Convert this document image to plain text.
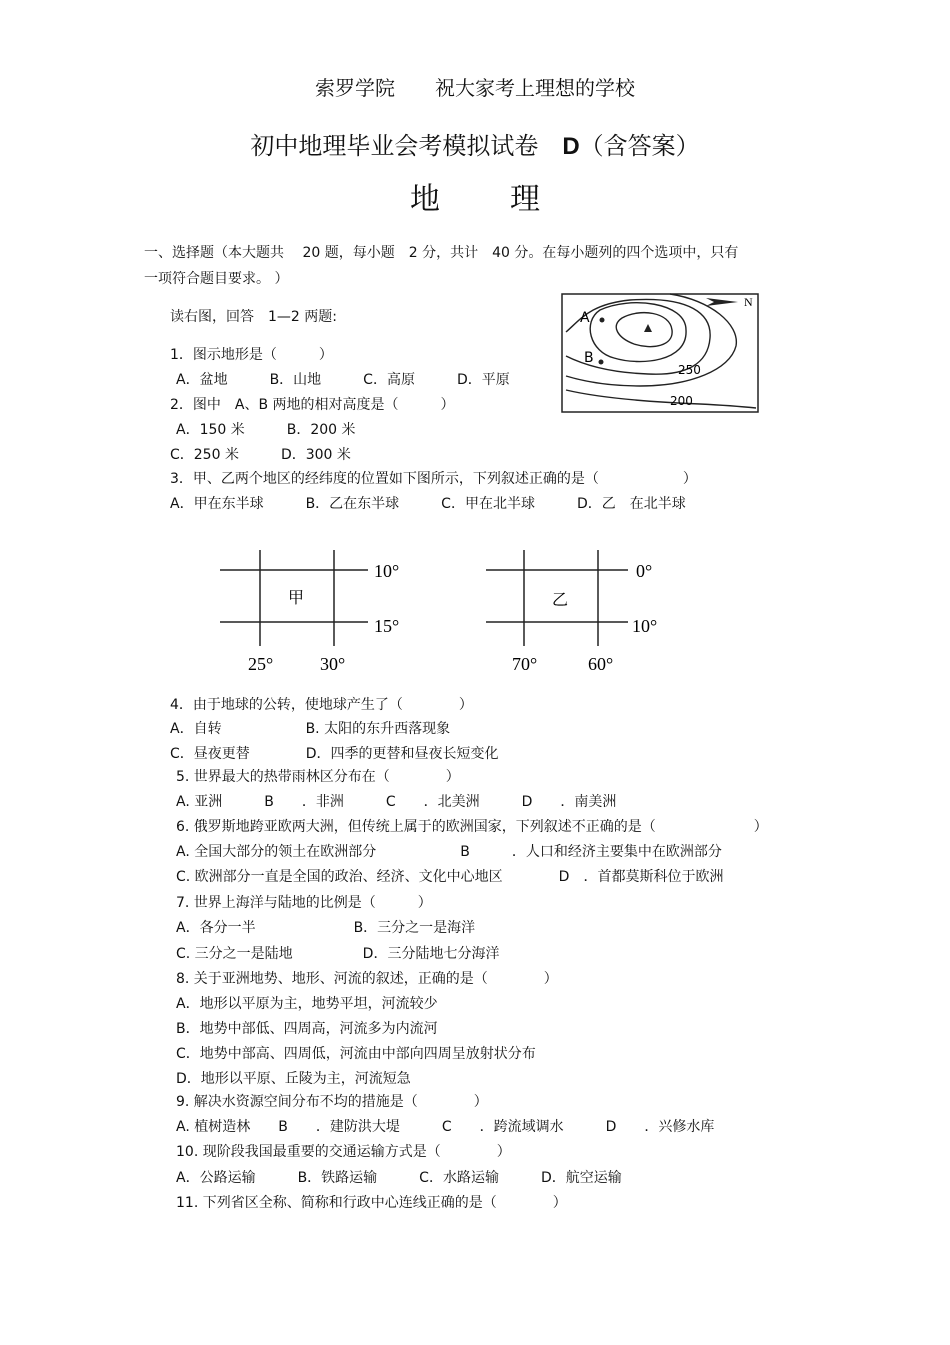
索罗学院　　祝大家考上理想的学校
初中地理毕业会考模拟试卷　 D（含答案）
地理
一、选择题（本大题共　 20 题，每小题　2 分，共计　40 分。在每小题列的四个选项中，只有
一项符合题目要求。 ）
读右图，回答　1—2 两题:	A
B
250
200
N
1．图示地形是（　　　）
A．盆地　　　B．山地　　　C．高原　　　D．平原
2．图中　A、B 两地的相对高度是（　　　）
A．150 米　　　B．200 米
C．250 米　　　D．300 米
3．甲、乙两个地区的经纬度的位置如下图所示，下列叙述正确的是（　　　　　　）
A．甲在东半球　　　B．乙在东半球　　　C．甲在北半球　　　D．乙　在北半球
甲
10°
15°
25°	30°
乙
0°
10°
70°	60°
4．由于地球的公转，使地球产生了（　　　　）
A．自转　　　　　　B. 太阳的东升西落现象
C．昼夜更替　　　　D．四季的更替和昼夜长短变化
5. 世界最大的热带雨林区分布在（　　　　）
A. 亚洲　　　B　　．非洲　　　C　　．北美洲　　　D　　．南美洲
6. 俄罗斯地跨亚欧两大洲，但传统上属于的欧洲国家，下列叙述不正确的是（　　　　　　　）
A. 全国大部分的领土在欧洲部分　　　　　　B　　　．人口和经济主要集中在欧洲部分
C. 欧洲部分一直是全国的政治、经济、文化中心地区　　　　D　．首都莫斯科位于欧洲
7. 世界上海洋与陆地的比例是（　　　）
A．各分一半　　　　　　　B．三分之一是海洋
C. 三分之一是陆地　　　　　D．三分陆地七分海洋
8. 关于亚洲地势、地形、河流的叙述，正确的是（　　　　）
A．地形以平原为主，地势平坦，河流较少
B．地势中部低、四周高，河流多为内流河
C．地势中部高、四周低，河流由中部向四周呈放射状分布
D．地形以平原、丘陵为主，河流短急
9. 解决水资源空间分布不均的措施是（　　　　）
A. 植树造林　　B　　．建防洪大堤　　　C　　．跨流域调水　　　D　　．兴修水库
10. 现阶段我国最重要的交通运输方式是（　　　　）
A．公路运输　　　B．铁路运输　　　C．水路运输　　　D．航空运输
11. 下列省区全称、简称和行政中心连线正确的是（　　　　）
